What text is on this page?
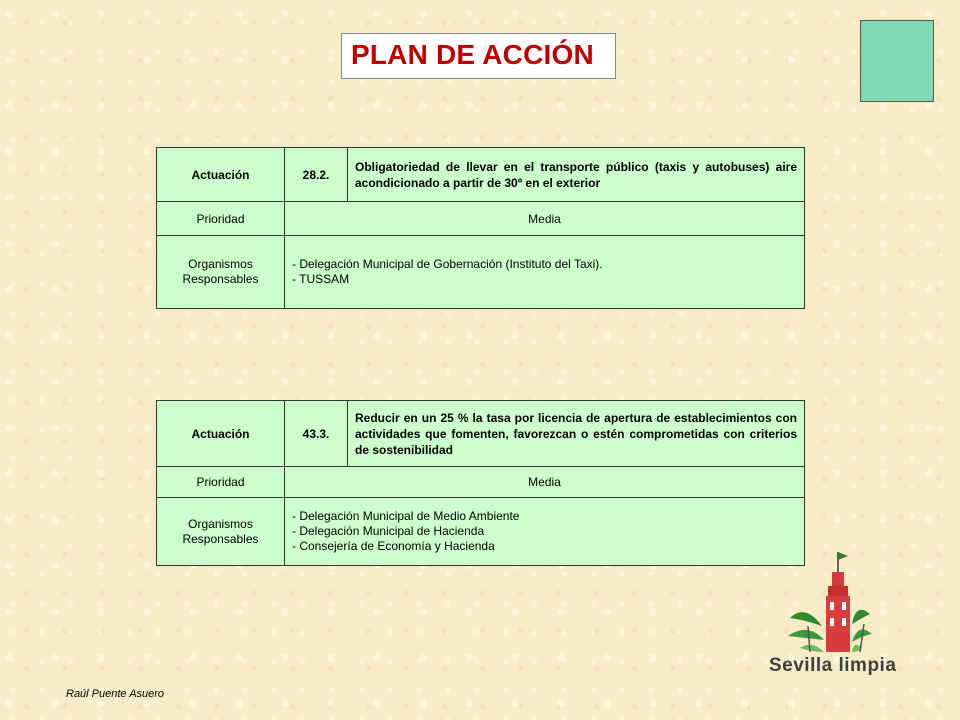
PLAN DE ACCIÓN
Actuación	28.2.	Obligatoriedad de llevar en el transporte público (taxis y autobuses) aire acondicionado a partir de 30º en el exterior
Prioridad	Media	

Organismos
Responsables	- Delegación Municipal de Gobernación (Instituto del Taxi).
- TUSSAM	
Actuación	43.3.	Reducir en un 25 % la tasa por licencia de apertura de establecimientos con actividades que fomenten, favorezcan o estén comprometidas con criterios de sostenibilidad
Prioridad	Media	

Organismos
Responsables	- Delegación Municipal de Medio Ambiente
- Delegación Municipal de Hacienda
- Consejería de Economía y Hacienda	
Raúl Puente Asuero
Sevilla limpia
